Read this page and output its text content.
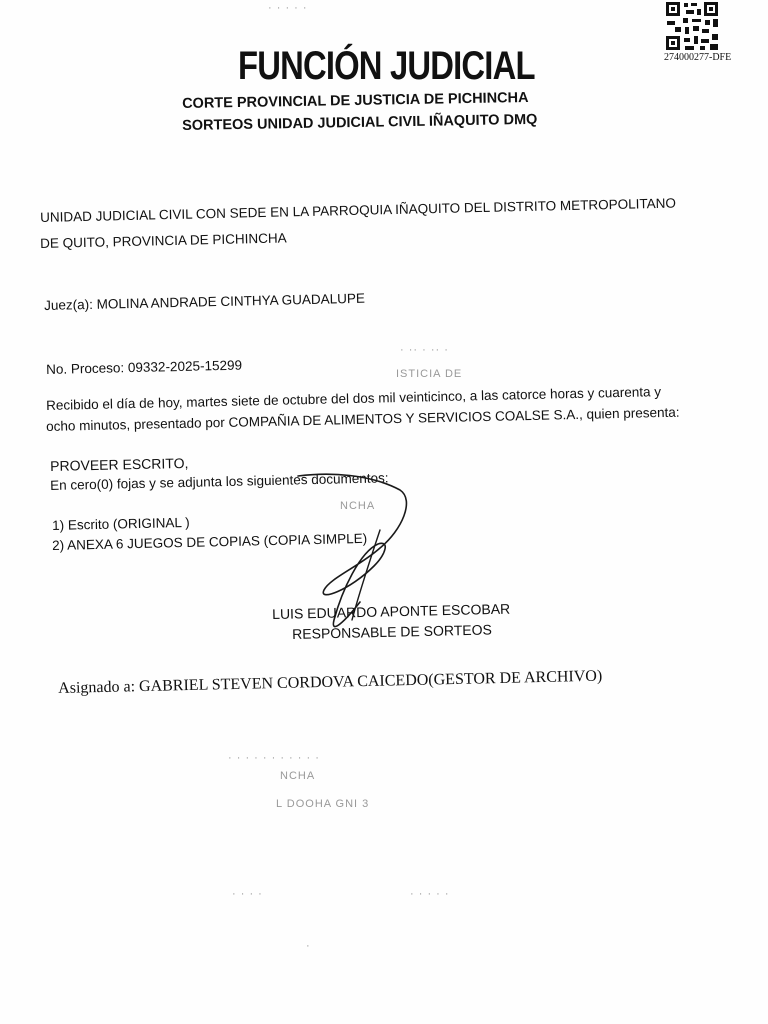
274000277-DFE
· · · · ·
ISTICIA DE
NCHA
NCHA
L DOOHA GNI 3
· ·· · ·· ·
· · · · · · · · · · ·
· · · ·	· · · · ·
·
FUNCIÓN JUDICIAL
CORTE PROVINCIAL DE JUSTICIA DE PICHINCHA
SORTEOS UNIDAD JUDICIAL CIVIL IÑAQUITO DMQ
UNIDAD JUDICIAL CIVIL CON SEDE EN LA PARROQUIA IÑAQUITO DEL DISTRITO METROPOLITANO
DE QUITO, PROVINCIA DE PICHINCHA
Juez(a): MOLINA ANDRADE CINTHYA GUADALUPE
No. Proceso: 09332-2025-15299
Recibido el día de hoy, martes siete de octubre del dos mil veinticinco, a las catorce horas y cuarenta y
ocho minutos, presentado por COMPAÑIA DE ALIMENTOS Y SERVICIOS COALSE S.A., quien presenta:
PROVEER ESCRITO,
En cero(0) fojas y se adjunta los siguientes documentos:
1) Escrito (ORIGINAL )
2) ANEXA 6 JUEGOS DE COPIAS (COPIA SIMPLE)
LUIS EDUARDO APONTE ESCOBAR
RESPONSABLE DE SORTEOS
Asignado a: GABRIEL STEVEN CORDOVA CAICEDO(GESTOR DE ARCHIVO)
